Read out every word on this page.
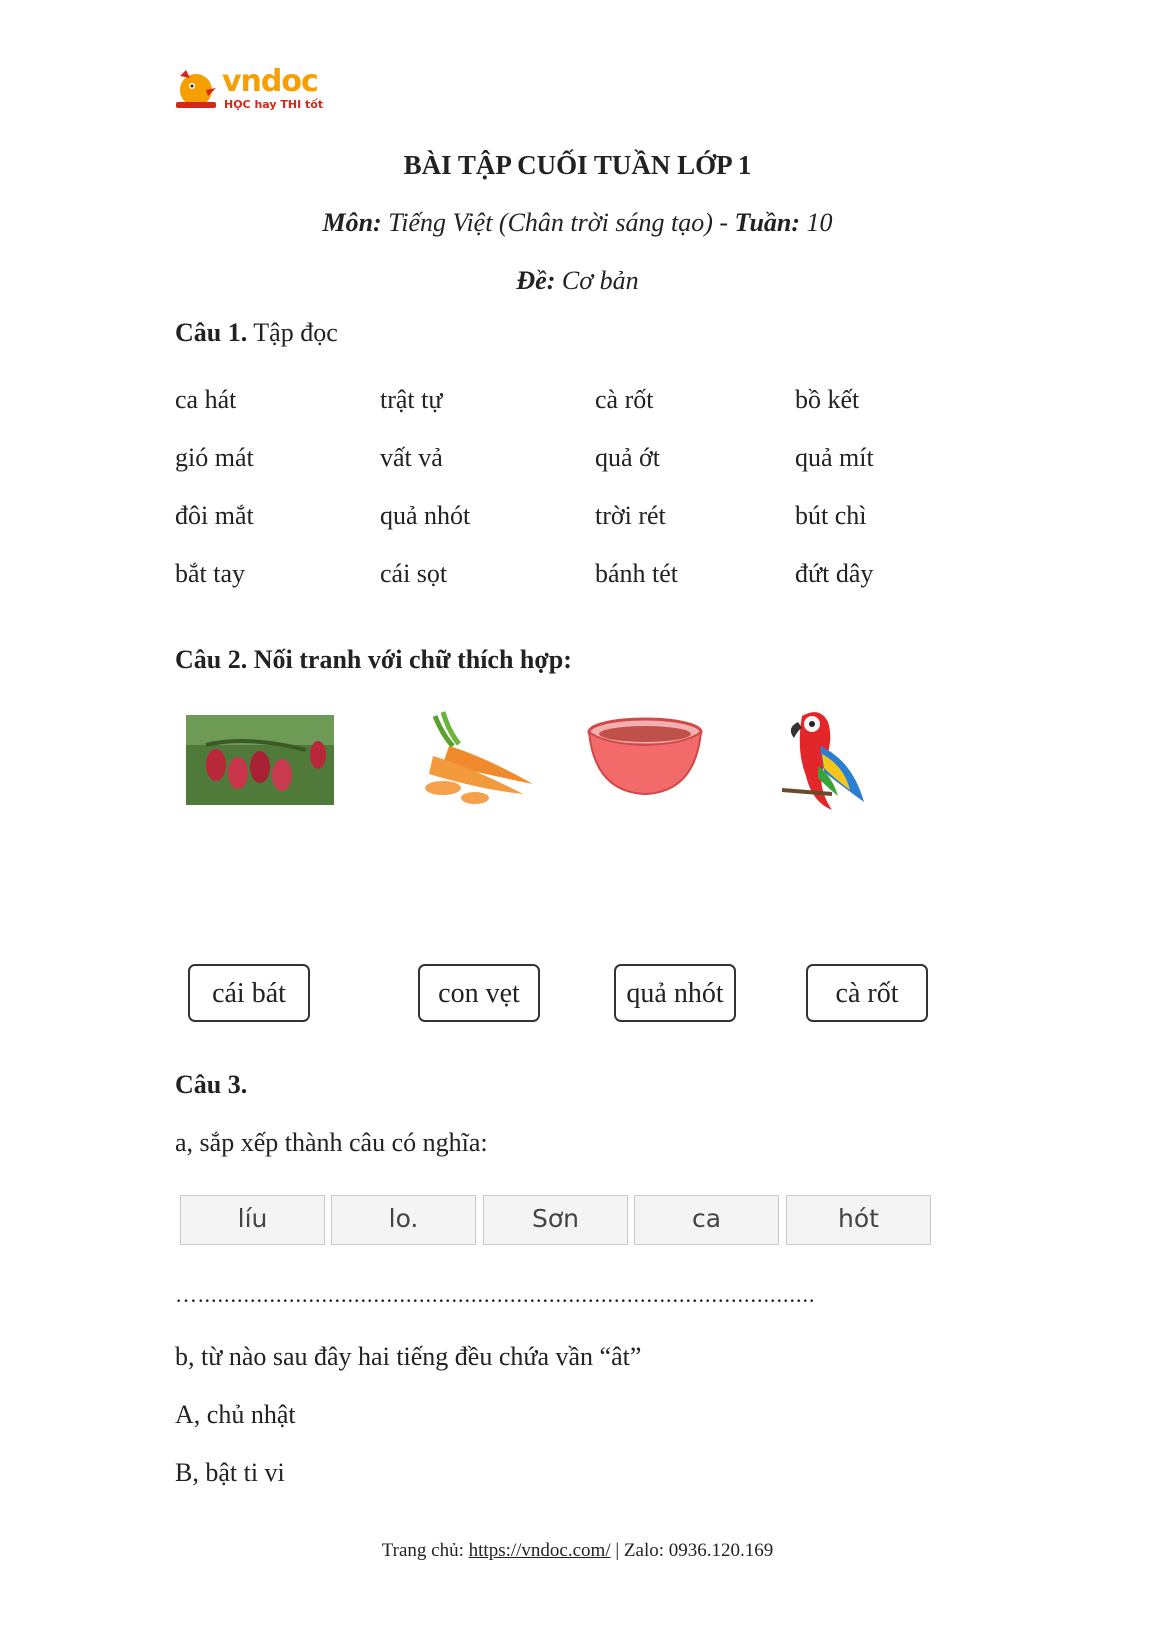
vndoc
HỌC hay THI tốt
BÀI TẬP CUỐI TUẦN LỚP 1
Môn: Tiếng Việt (Chân trời sáng tạo) - Tuần: 10
Đề: Cơ bản
Câu 1. Tập đọc
ca hát	trật tự	cà rốt	bồ kết
gió mát	vất vả	quả ớt	quả mít
đôi mắt	quả nhót	trời rét	bút chì
bắt tay	cái sọt	bánh tét	đứt dây
Câu 2. Nối tranh với chữ thích hợp:
cái bát	con vẹt	quả nhót	cà rốt
Câu 3.
a, sắp xếp thành câu có nghĩa:
líu	lo.	Sơn	ca	hót
…...............................................................................................
b, từ nào sau đây hai tiếng đều chứa vần “ât”
A, chủ nhật
B, bật ti vi
Trang chủ: https://vndoc.com/ | Zalo: 0936.120.169
